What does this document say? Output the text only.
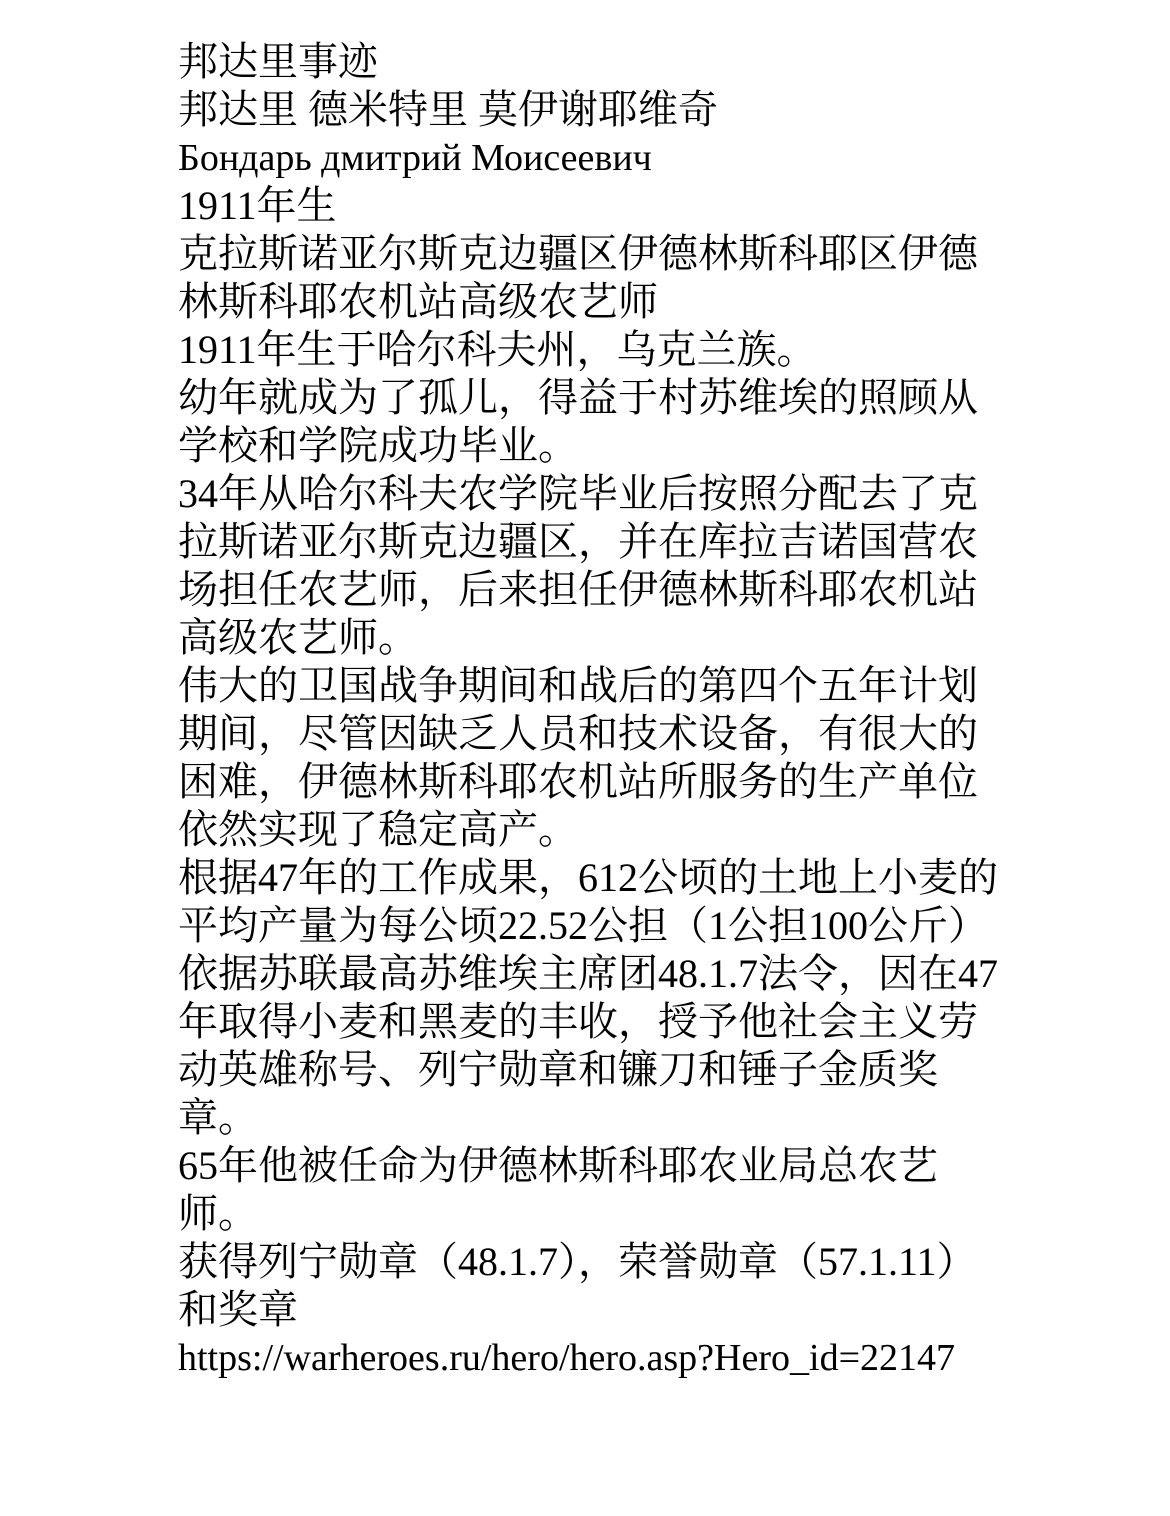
邦达里事迹

邦达里 德米特里 莫伊谢耶维奇

Бондарь дмитрий Моисеевич

1911年生

克拉斯诺亚尔斯克边疆区伊德林斯科耶区伊德林斯科耶农机站高级农艺师

1911年生于哈尔科夫州，乌克兰族。

幼年就成为了孤儿，得益于村苏维埃的照顾从学校和学院成功毕业。

34年从哈尔科夫农学院毕业后按照分配去了克拉斯诺亚尔斯克边疆区，并在库拉吉诺国营农场担任农艺师，后来担任伊德林斯科耶农机站高级农艺师。

伟大的卫国战争期间和战后的第四个五年计划期间，尽管因缺乏人员和技术设备，有很大的困难，伊德林斯科耶农机站所服务的生产单位依然实现了稳定高产。

根据47年的工作成果，612公顷的土地上小麦的平均产量为每公顷22.52公担（1公担100公斤）

依据苏联最高苏维埃主席团48.1.7法令，因在47年取得小麦和黑麦的丰收，授予他社会主义劳动英雄称号、列宁勋章和镰刀和锤子金质奖章。

65年他被任命为伊德林斯科耶农业局总农艺师。

获得列宁勋章（48.1.7），荣誉勋章（57.1.11）和奖章

https://warheroes.ru/hero/hero.asp?Hero_id=22147
